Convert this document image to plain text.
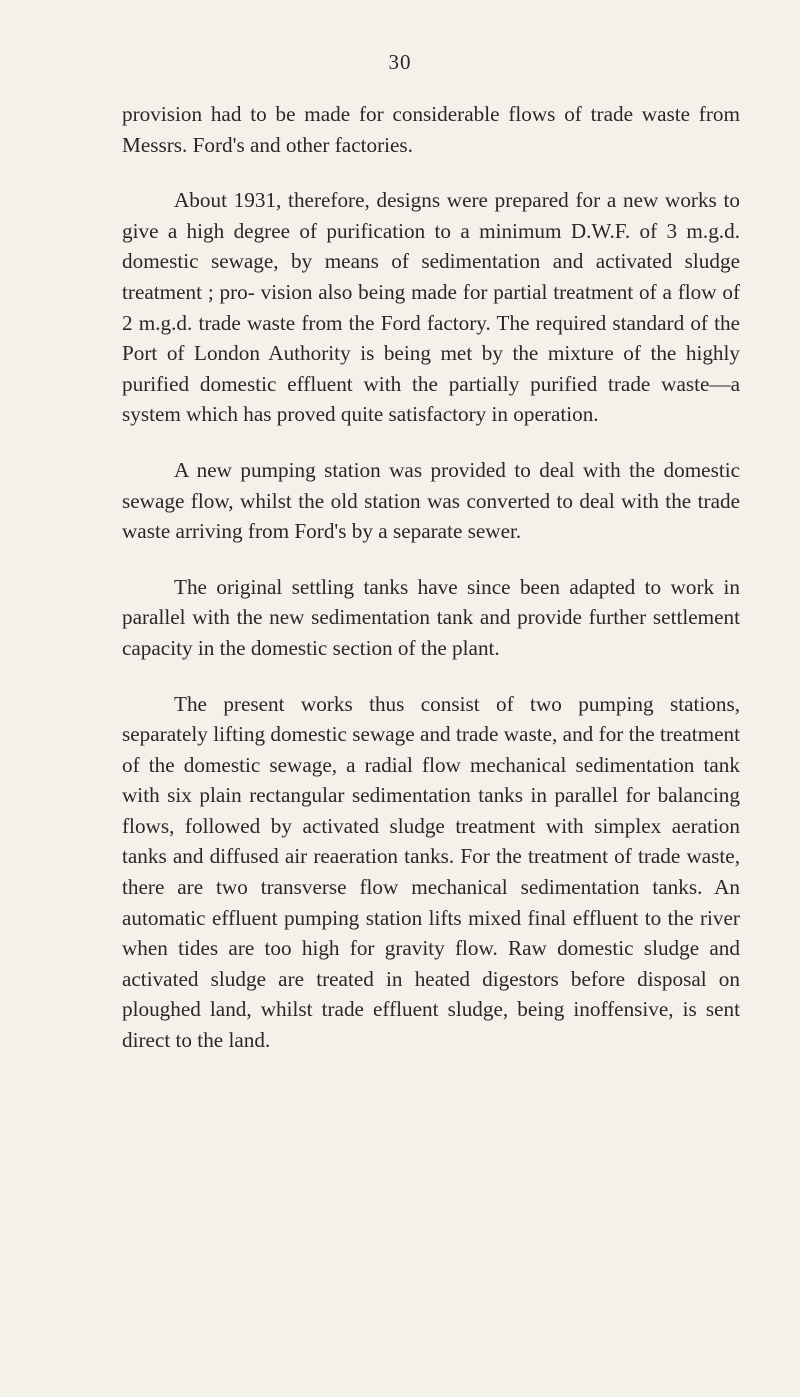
30

provision had to be made for considerable flows of trade waste from Messrs. Ford's and other factories.

About 1931, therefore, designs were prepared for a new works to give a high degree of purification to a minimum D.W.F. of 3 m.g.d. domestic sewage, by means of sedimentation and activated sludge treatment ; pro- vision also being made for partial treatment of a flow of 2 m.g.d. trade waste from the Ford factory. The required standard of the Port of London Authority is being met by the mixture of the highly purified domestic effluent with the partially purified trade waste—a system which has proved quite satisfactory in operation.

A new pumping station was provided to deal with the domestic sewage flow, whilst the old station was converted to deal with the trade waste arriving from Ford's by a separate sewer.

The original settling tanks have since been adapted to work in parallel with the new sedimentation tank and provide further settlement capacity in the domestic section of the plant.

The present works thus consist of two pumping stations, separately lifting domestic sewage and trade waste, and for the treatment of the domestic sewage, a radial flow mechanical sedimentation tank with six plain rectangular sedimentation tanks in parallel for balancing flows, followed by activated sludge treatment with simplex aeration tanks and diffused air reaeration tanks. For the treatment of trade waste, there are two transverse flow mechanical sedimentation tanks. An automatic effluent pumping station lifts mixed final effluent to the river when tides are too high for gravity flow. Raw domestic sludge and activated sludge are treated in heated digestors before disposal on ploughed land, whilst trade effluent sludge, being inoffensive, is sent direct to the land.
